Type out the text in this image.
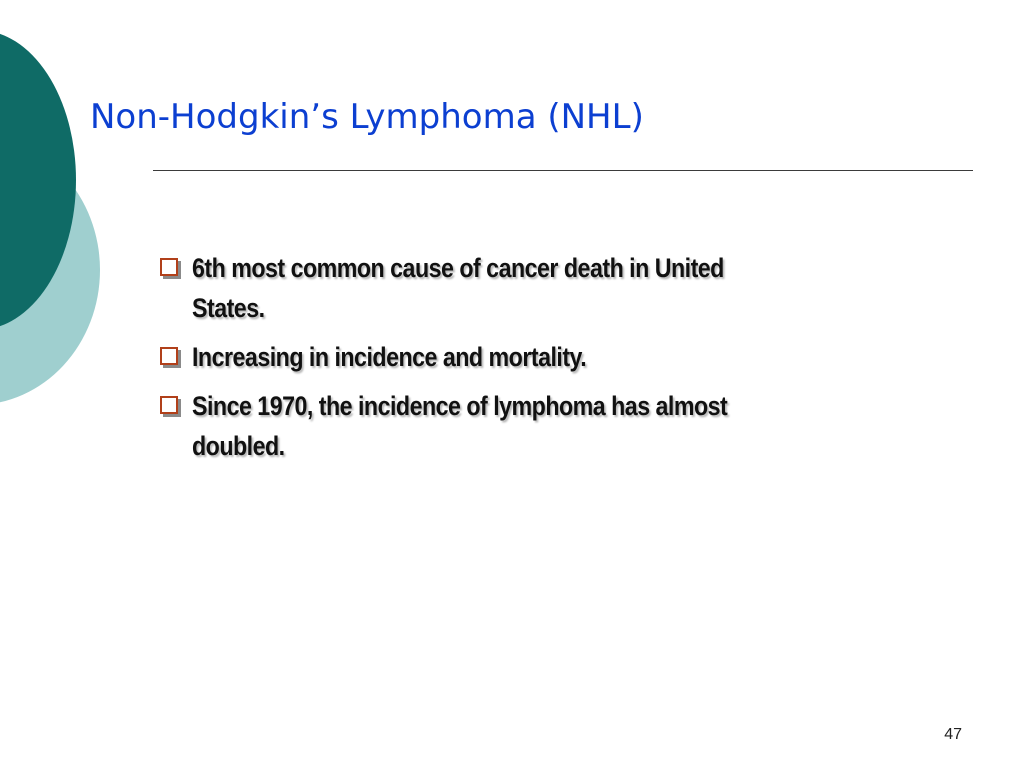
Non-Hodgkin’s Lymphoma (NHL)
6th most common cause of cancer death in United States.
Increasing in incidence and mortality.
Since 1970, the incidence of lymphoma has almost doubled.
47
